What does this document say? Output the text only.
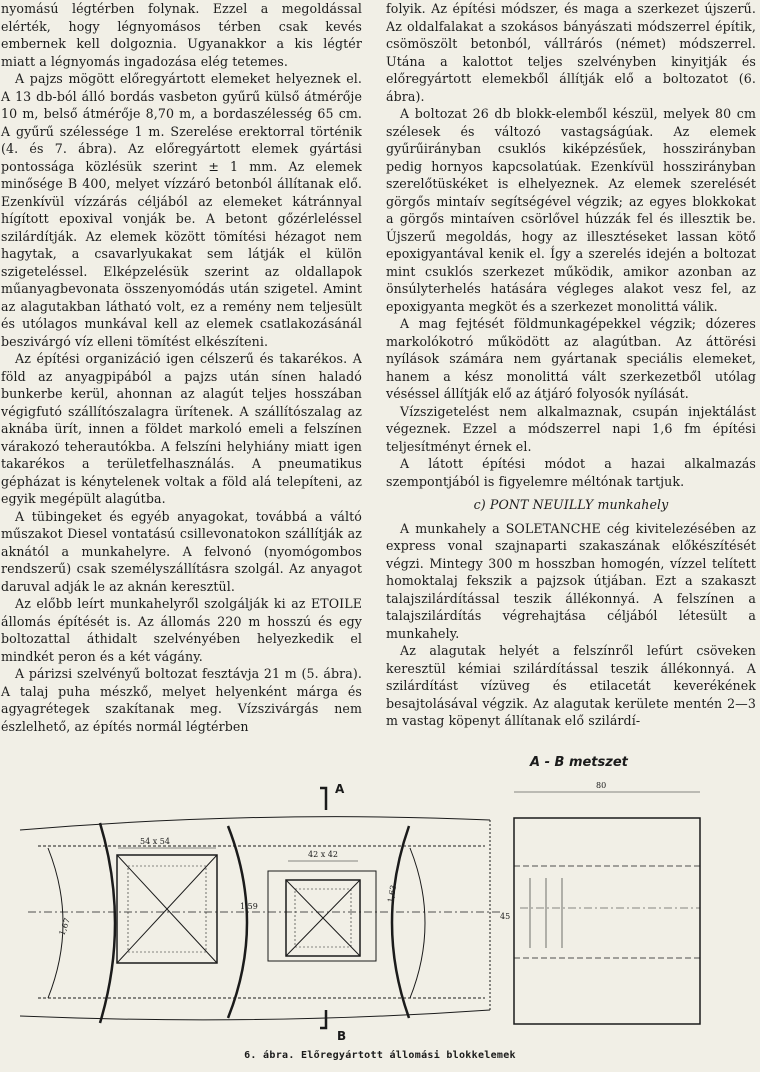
nyomású légtérben folynak. Ezzel a megoldással elérték, hogy légnyomásos térben csak kevés embernek kell dolgoznia. Ugyanakkor a kis légtér miatt a légnyomás ingadozása elég tetemes.

A pajzs mögött előregyártott elemeket helyeznek el. A 13 db-ból álló bordás vasbeton gyűrű külső átmérője 10 m, belső átmérője 8,70 m, a bordaszélesség 65 cm. A gyűrű szélessége 1 m. Szerelése erektorral történik (4. és 7. ábra). Az előregyártott elemek gyártási pontossága közlésük szerint ± 1 mm. Az elemek minősége B 400, melyet vízzáró betonból állítanak elő. Ezenkívül vízzárás céljából az elemeket kátránnyal hígított epoxival vonják be. A betont gőzérleléssel szilárdítják. Az elemek között tömítési hézagot nem hagytak, a csavarlyukakat sem látják el külön szigeteléssel. Elképzelésük szerint az oldallapok műanyagbevonata összenyomódás után szigetel. Amint az alagutakban látható volt, ez a remény nem teljesült és utólagos munkával kell az elemek csatlakozásánál beszivárgó víz elleni tömítést elkészíteni.

Az építési organizáció igen célszerű és takarékos. A föld az anyagpipából a pajzs után sínen haladó bunkerbe kerül, ahonnan az alagút teljes hosszában végigfutó szállítószalagra ürítenek. A szállítószalag az aknába ürít, innen a földet markoló emeli a felszínen várakozó teherautókba. A felszíni helyhiány miatt igen takarékos a területfelhasználás. A pneumatikus gépházat is kénytelenek voltak a föld alá telepíteni, az egyik megépült alagútba.

A tübingeket és egyéb anyagokat, továbbá a váltó műszakot Diesel vontatású csillevonatokon szállítják az aknától a munkahelyre. A felvonó (nyomógombos rendszerű) csak személyszállításra szolgál. Az anyagot daruval adják le az aknán keresztül.

Az előbb leírt munkahelyről szolgálják ki az ETOILE állomás építését is. Az állomás 220 m hosszú és egy boltozattal áthidalt szelvényében helyezkedik el mindkét peron és a két vágány.

A párizsi szelvényű boltozat fesztávja 21 m (5. ábra). A talaj puha mészkő, melyet helyenként márga és agyagrétegek szakítanak meg. Vízszivárgás nem észlelhető, az építés normál légtérben

folyik. Az építési módszer, és maga a szerkezet újszerű. Az oldalfalakat a szokásos bányászati módszerrel építik, csömöszölt betonból, vállтárós (német) módszerrel. Utána a kalottot teljes szelvényben kinyitják és előregyártott elemekből állítják elő a boltozatot (6. ábra).

A boltozat 26 db blokk-elemből készül, melyek 80 cm szélesek és változó vastagságúak. Az elemek gyűrűirányban csuklós kiképzésűek, hosszirányban pedig hornyos kapcsolatúak. Ezenkívül hosszirányban szerelőtüskéket is elhelyeznek. Az elemek szerelését görgős mintaív segítségével végzik; az egyes blokkokat a görgős mintaíven csörlővel húzzák fel és illesztik be. Újszerű megoldás, hogy az illesztéseket lassan kötő epoxigyantával kenik el. Így a szerelés idején a boltozat mint csuklós szerkezet működik, amikor azonban az önsúlyterhelés hatására végleges alakot vesz fel, az epoxigyanta megköt és a szerkezet monolittá válik.

A mag fejtését földmunkagépekkel végzik; dózeres markolókotró működött az alagútban. Az áttörési nyílások számára nem gyártanak speciális elemeket, hanem a kész monolittá vált szerkezetből utólag véséssel állítják elő az átjáró folyosók nyílását.

Vízszigetelést nem alkalmaznak, csupán injektálást végeznek. Ezzel a módszerrel napi 1,6 fm építési teljesítményt érnek el.

A látott építési módot a hazai alkalmazás szempontjából is figyelemre méltónak tartjuk.

c) PONT NEUILLY munkahely

A munkahely a SOLETANCHE cég kivitelezésében az express vonal szajnaparti szakaszának előkészítését végzi. Mintegy 300 m hosszban homogén, vízzel telített homoktalaj fekszik a pajzsok útjában. Ezt a szakaszt talajszilárdítással teszik állékonnyá. A felszínen a talajszilárdítás végrehajtása céljából létesült a munkahely.

Az alagutak helyét a felszínről lefúrt csöveken keresztül kémiai szilárdítással teszik állékonnyá. A szilárdítást vízüveg és etilacetát keverékének besajtolásával végzik. Az alagutak kerülete mentén 2—3 m vastag köpenyt állítanak elő szilárdí-

A
B
54 x 54
42 x 42
1,59
1,67
1,63
A - B metszet
80
45
6. ábra. Előregyártott állomási blokkelemek
